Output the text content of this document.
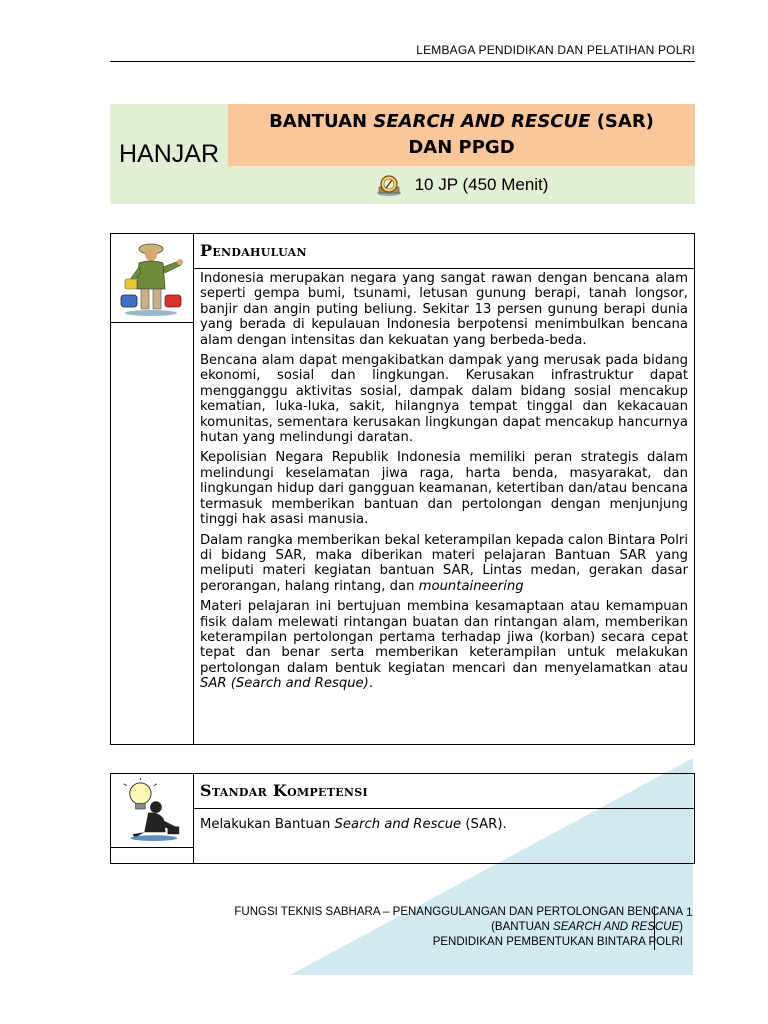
LEMBAGA PENDIDIKAN DAN PELATIHAN POLRI
HANJAR
BANTUAN SEARCH AND RESCUE (SAR)
DAN PPGD
10 JP (450 Menit)
Pendahuluan

Indonesia merupakan negara yang sangat rawan dengan bencana alam seperti gempa bumi, tsunami, letusan gunung berapi, tanah longsor, banjir dan angin puting beliung. Sekitar 13 persen gunung berapi dunia yang berada di kepulauan Indonesia berpotensi menimbulkan bencana alam dengan intensitas dan kekuatan yang berbeda-beda.

Bencana alam dapat mengakibatkan dampak yang merusak pada bidang ekonomi, sosial dan lingkungan. Kerusakan infrastruktur dapat mengganggu aktivitas sosial, dampak dalam bidang sosial mencakup kematian, luka-luka, sakit, hilangnya tempat tinggal dan kekacauan komunitas, sementara kerusakan lingkungan dapat mencakup hancurnya hutan yang melindungi daratan.

Kepolisian Negara Republik Indonesia memiliki peran strategis dalam melindungi keselamatan jiwa raga, harta benda, masyarakat, dan lingkungan hidup dari gangguan keamanan, ketertiban dan/atau bencana termasuk memberikan bantuan dan pertolongan dengan menjunjung tinggi hak asasi manusia.

Dalam rangka memberikan bekal keterampilan kepada calon Bintara Polri di bidang SAR, maka diberikan materi pelajaran Bantuan SAR yang meliputi materi kegiatan bantuan SAR, Lintas medan, gerakan dasar perorangan, halang rintang, dan mountaineering

Materi pelajaran ini bertujuan membina kesamaptaan atau kemampuan fisik dalam melewati rintangan buatan dan rintangan alam, memberikan keterampilan pertolongan pertama terhadap jiwa (korban) secara cepat tepat dan benar serta memberikan keterampilan untuk melakukan pertolongan dalam bentuk kegiatan mencari dan menyelamatkan atau SAR (Search and Resque).

Standar Kompetensi
Melakukan Bantuan Search and Rescue (SAR).
FUNGSI TEKNIS SABHARA – PENANGGULANGAN DAN PERTOLONGAN BENCANA
(BANTUAN SEARCH AND RESCUE)
PENDIDIKAN PEMBENTUKAN BINTARA POLRI
1
